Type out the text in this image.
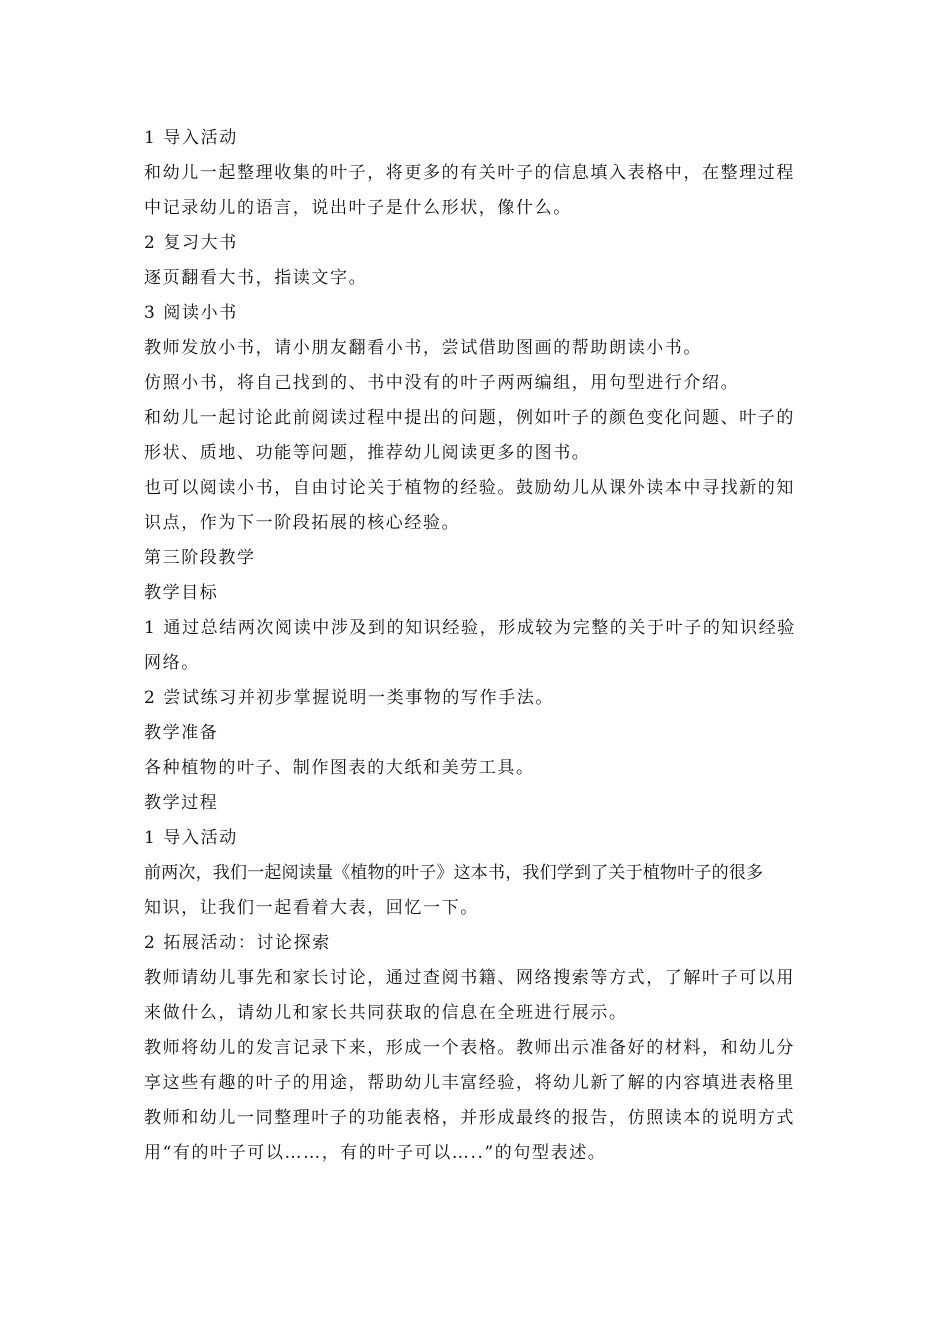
1 导入活动
和幼儿一起整理收集的叶子，将更多的有关叶子的信息填入表格中，在整理过程
中记录幼儿的语言，说出叶子是什么形状，像什么。
2 复习大书
逐页翻看大书，指读文字。
3 阅读小书
教师发放小书，请小朋友翻看小书，尝试借助图画的帮助朗读小书。
仿照小书，将自己找到的、书中没有的叶子两两编组，用句型进行介绍。
和幼儿一起讨论此前阅读过程中提出的问题，例如叶子的颜色变化问题、叶子的
形状、质地、功能等问题，推荐幼儿阅读更多的图书。
也可以阅读小书，自由讨论关于植物的经验。鼓励幼儿从课外读本中寻找新的知
识点，作为下一阶段拓展的核心经验。
第三阶段教学
教学目标
1 通过总结两次阅读中涉及到的知识经验，形成较为完整的关于叶子的知识经验
网络。
2 尝试练习并初步掌握说明一类事物的写作手法。
教学准备
各种植物的叶子、制作图表的大纸和美劳工具。
教学过程
1 导入活动
前两次，我们一起阅读量《植物的叶子》这本书，我们学到了关于植物叶子的很多
知识，让我们一起看着大表，回忆一下。
2 拓展活动：讨论探索
教师请幼儿事先和家长讨论，通过查阅书籍、网络搜索等方式，了解叶子可以用
来做什么，请幼儿和家长共同获取的信息在全班进行展示。
教师将幼儿的发言记录下来，形成一个表格。教师出示准备好的材料，和幼儿分
享这些有趣的叶子的用途，帮助幼儿丰富经验，将幼儿新了解的内容填进表格里
教师和幼儿一同整理叶子的功能表格，并形成最终的报告，仿照读本的说明方式
用“有的叶子可以……，有的叶子可以…..”的句型表述。
